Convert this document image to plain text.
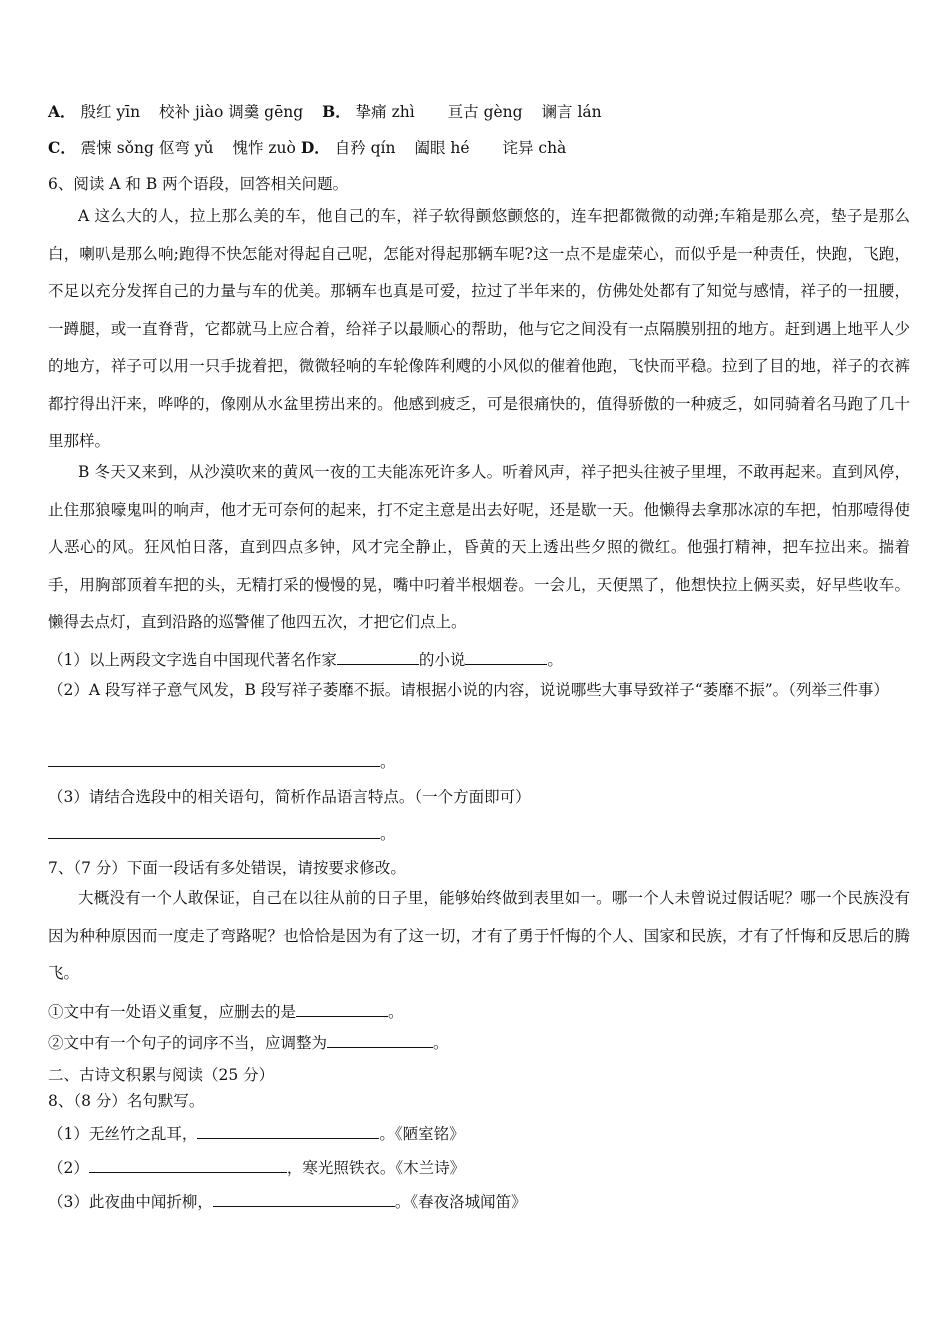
A． 殷红 yīn 校补 jiào 调羹 gēng B． 挚痛 zhì 亘古 gèng 谰言 lán
C． 震悚 sǒng 伛弯 yǔ 愧怍 zuò D． 自矜 qín 阖眼 hé 诧异 chà
6、阅读 A 和 B 两个语段，回答相关问题。
A 这么大的人，拉上那么美的车，他自己的车，祥子软得颤悠颤悠的，连车把都微微的动弹;车箱是那么亮，垫子是那么白，喇叭是那么响;跑得不快怎能对得起自己呢，怎能对得起那辆车呢?这一点不是虚荣心，而似乎是一种责任，快跑，飞跑，不足以充分发挥自己的力量与车的优美。那辆车也真是可爱，拉过了半年来的，仿佛处处都有了知觉与感情，祥子的一扭腰，一蹲腿，或一直脊背，它都就马上应合着，给祥子以最顺心的帮助，他与它之间没有一点隔膜别扭的地方。赶到遇上地平人少的地方，祥子可以用一只手拢着把，微微轻响的车轮像阵利飕的小风似的催着他跑，飞快而平稳。拉到了目的地，祥子的衣裤都拧得出汗来，哗哗的，像刚从水盆里捞出来的。他感到疲乏，可是很痛快的，值得骄傲的一种疲乏，如同骑着名马跑了几十里那样。
B 冬天又来到，从沙漠吹来的黄风一夜的工夫能冻死许多人。听着风声，祥子把头往被子里埋，不敢再起来。直到风停，止住那狼嚎鬼叫的响声，他才无可奈何的起来，打不定主意是出去好呢，还是歇一天。他懒得去拿那冰凉的车把，怕那噎得使人恶心的风。狂风怕日落，直到四点多钟，风才完全静止，昏黄的天上透出些夕照的微红。他强打精神，把车拉出来。揣着手，用胸部顶着车把的头，无精打采的慢慢的晃，嘴中叼着半根烟卷。一会儿，天便黑了，他想快拉上俩买卖，好早些收车。懒得去点灯，直到沿路的巡警催了他四五次，才把它们点上。
（1）以上两段文字选自中国现代著名作家	的小说	。
（2）A 段写祥子意气风发，B 段写祥子萎靡不振。请根据小说的内容，说说哪些大事导致祥子“萎靡不振”。（列举三件事）
。
（3）请结合选段中的相关语句，简析作品语言特点。（一个方面即可）
。
7、（7 分）下面一段话有多处错误，请按要求修改。
大概没有一个人敢保证，自己在以往从前的日子里，能够始终做到表里如一。哪一个人未曾说过假话呢？哪一个民族没有因为种种原因而一度走了弯路呢？也恰恰是因为有了这一切，才有了勇于忏悔的个人、国家和民族，才有了忏悔和反思后的腾飞。
①文中有一处语义重复，应删去的是	。
②文中有一个句子的词序不当，应调整为	。
二、古诗文积累与阅读（25 分）
8、（8 分）名句默写。
（1）无丝竹之乱耳，	。《陋室铭》
（2）	，寒光照铁衣。《木兰诗》
（3）此夜曲中闻折柳，	。《春夜洛城闻笛》
